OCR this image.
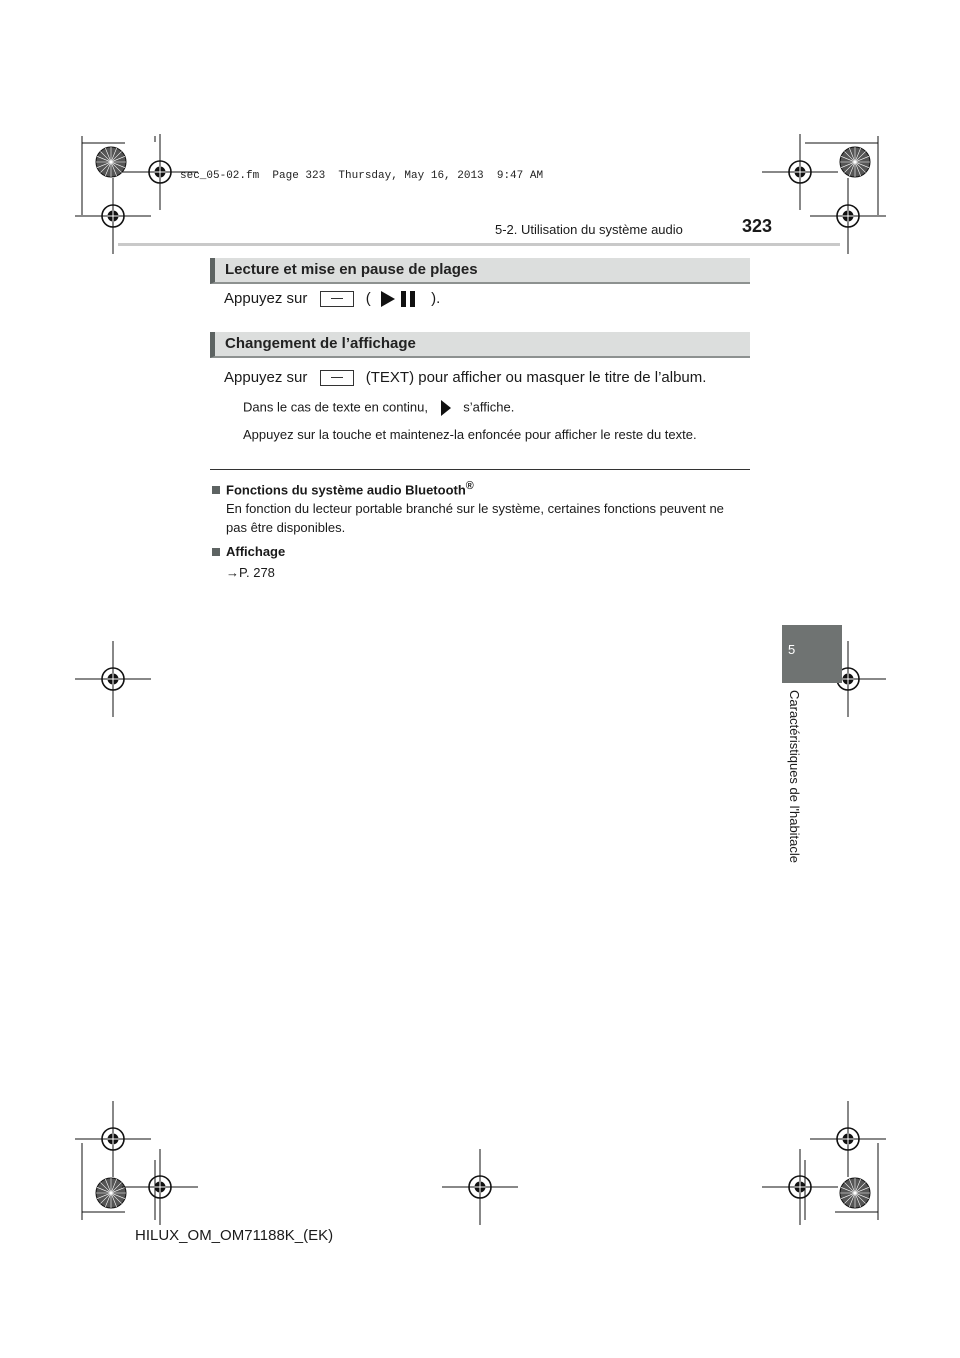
sec_05-02.fm  Page 323  Thursday, May 16, 2013  9:47 AM
5-2. Utilisation du système audio	323
5
Caractéristiques de l'habitacle
Lecture et mise en pause de plages
Appuyez sur	(	).
Changement de l’affichage
Appuyez sur	(TEXT) pour afficher ou masquer le titre de l’album.
Dans le cas de texte en continu,	s’affiche.
Appuyez sur la touche et maintenez-la enfoncée pour afficher le reste du texte.
Fonctions du système audio Bluetooth®
En fonction du lecteur portable branché sur le système, certaines fonctions peuvent ne
pas être disponibles.
Affichage
→P. 278
HILUX_OM_OM71188K_(EK)
